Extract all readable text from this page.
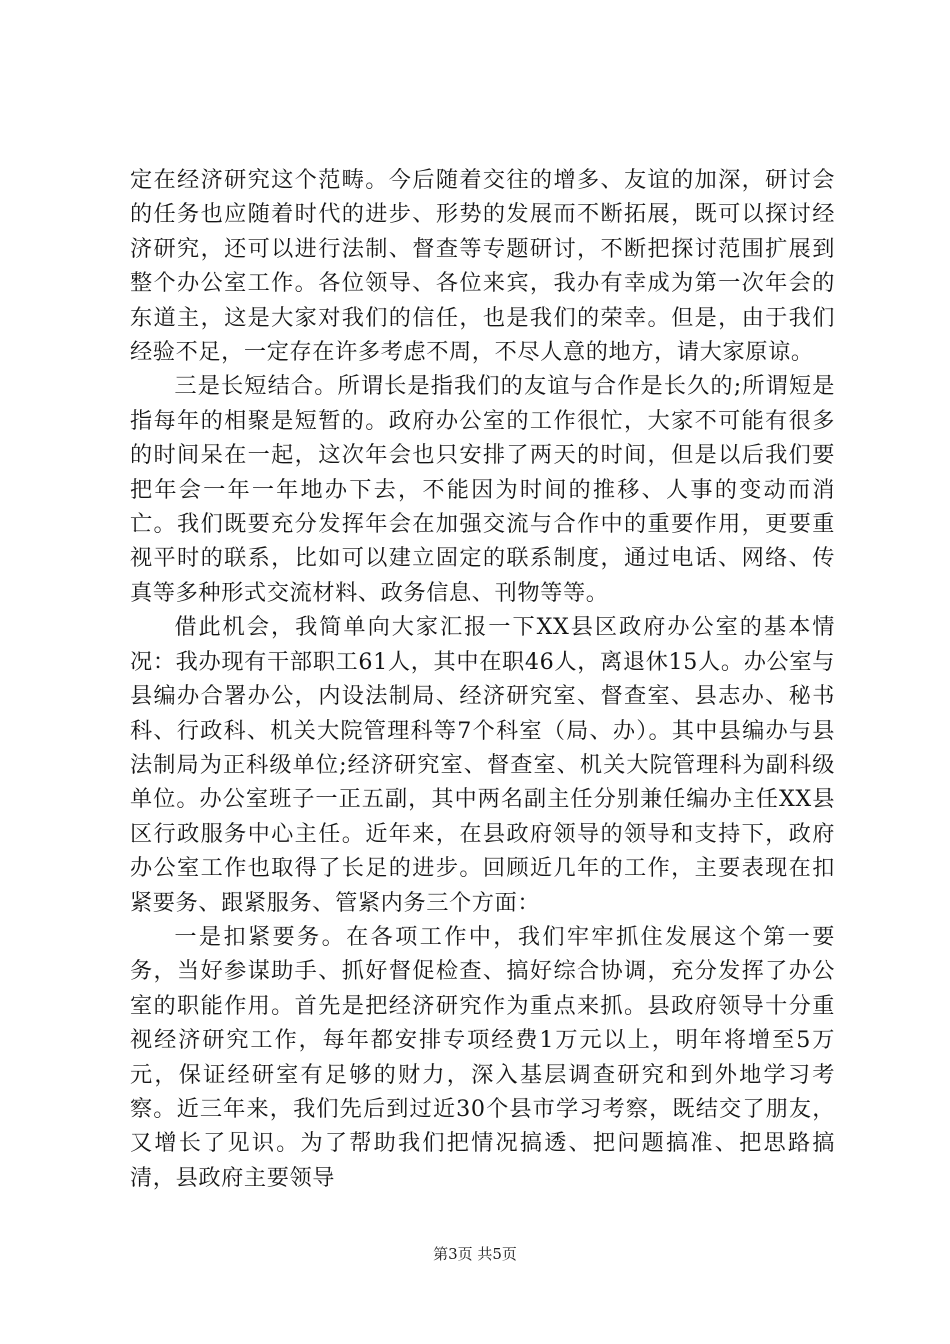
定在经济研究这个范畴。今后随着交往的增多、友谊的加深，研讨会的任务也应随着时代的进步、形势的发展而不断拓展，既可以探讨经济研究，还可以进行法制、督查等专题研讨，不断把探讨范围扩展到整个办公室工作。各位领导、各位来宾，我办有幸成为第一次年会的东道主，这是大家对我们的信任，也是我们的荣幸。但是，由于我们经验不足，一定存在许多考虑不周，不尽人意的地方，请大家原谅。

三是长短结合。所谓长是指我们的友谊与合作是长久的;所谓短是指每年的相聚是短暂的。政府办公室的工作很忙，大家不可能有很多的时间呆在一起，这次年会也只安排了两天的时间，但是以后我们要把年会一年一年地办下去，不能因为时间的推移、人事的变动而消亡。我们既要充分发挥年会在加强交流与合作中的重要作用，更要重视平时的联系，比如可以建立固定的联系制度，通过电话、网络、传真等多种形式交流材料、政务信息、刊物等等。

借此机会，我简单向大家汇报一下XX县区政府办公室的基本情况：我办现有干部职工61人，其中在职46人，离退休15人。办公室与县编办合署办公，内设法制局、经济研究室、督查室、县志办、秘书科、行政科、机关大院管理科等7个科室（局、办）。其中县编办与县法制局为正科级单位;经济研究室、督查室、机关大院管理科为副科级单位。办公室班子一正五副，其中两名副主任分别兼任编办主任XX县区行政服务中心主任。近年来，在县政府领导的领导和支持下，政府办公室工作也取得了长足的进步。回顾近几年的工作，主要表现在扣紧要务、跟紧服务、管紧内务三个方面：

一是扣紧要务。在各项工作中，我们牢牢抓住发展这个第一要务，当好参谋助手、抓好督促检查、搞好综合协调，充分发挥了办公室的职能作用。首先是把经济研究作为重点来抓。县政府领导十分重视经济研究工作，每年都安排专项经费1万元以上，明年将增至5万元，保证经研室有足够的财力，深入基层调查研究和到外地学习考察。近三年来，我们先后到过近30个县市学习考察，既结交了朋友，又增长了见识。为了帮助我们把情况搞透、把问题搞准、把思路搞清，县政府主要领导

第3页 共5页
